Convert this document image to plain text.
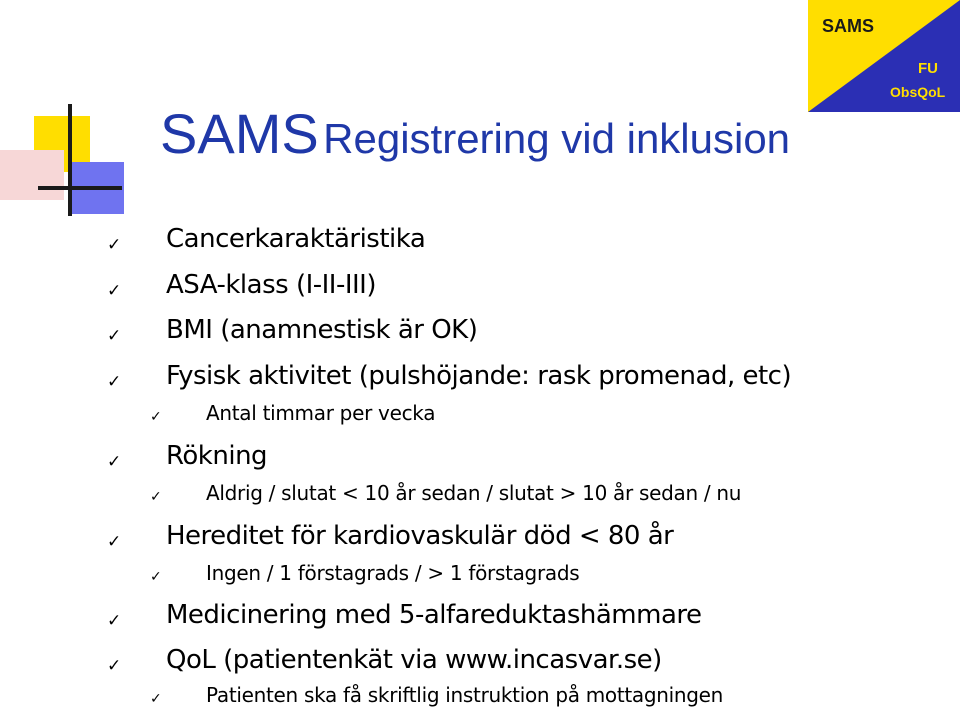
SAMS
FU
ObsQoL
SAMS Registrering vid inklusion
✓ Cancerkaraktäristika
✓ ASA-klass (I-II-III)
✓ BMI (anamnestisk är OK)
✓ Fysisk aktivitet (pulshöjande: rask promenad, etc)
✓ Antal timmar per vecka
✓ Rökning
✓ Aldrig / slutat < 10 år sedan / slutat > 10 år sedan / nu
✓ Hereditet för kardiovaskulär död < 80 år
✓ Ingen / 1 förstagrads / > 1 förstagrads
✓ Medicinering med 5-alfareduktashämmare
✓ QoL (patientenkät via www.incasvar.se)
✓ Patienten ska få skriftlig instruktion på mottagningen
